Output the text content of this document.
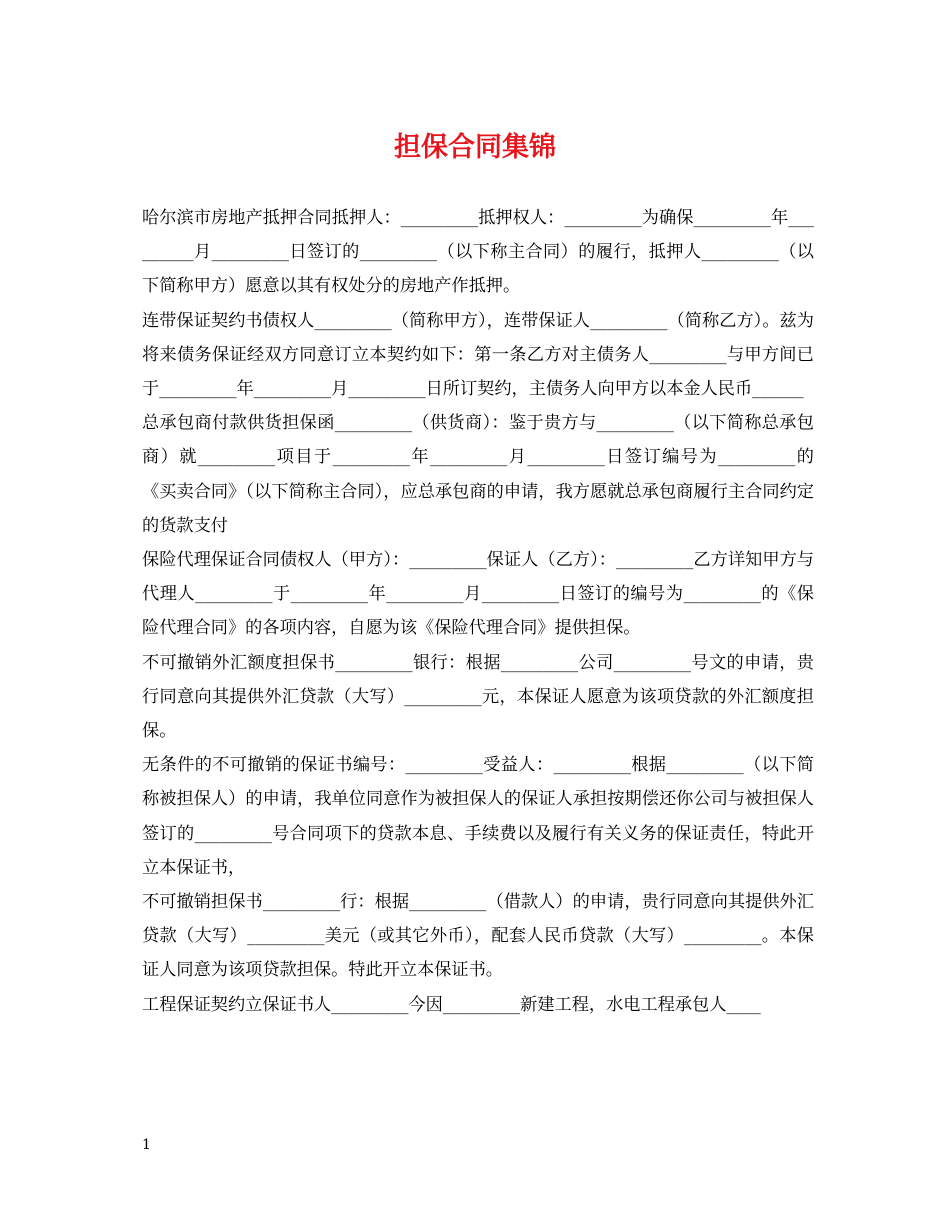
担保合同集锦

哈尔滨市房地产抵押合同抵押人：_________抵押权人：_________为确保_________年_________月_________日签订的_________（以下称主合同）的履行，抵押人_________（以下简称甲方）愿意以其有权处分的房地产作抵押。

连带保证契约书债权人_________（简称甲方），连带保证人_________（简称乙方）。兹为将来债务保证经双方同意订立本契约如下：第一条乙方对主债务人_________与甲方间已于_________年_________月_________日所订契约，主债务人向甲方以本金人民币______

总承包商付款供货担保函_________（供货商）：鉴于贵方与_________（以下简称总承包商）就_________项目于_________年_________月_________日签订编号为_________的《买卖合同》（以下简称主合同），应总承包商的申请，我方愿就总承包商履行主合同约定的货款支付

保险代理保证合同债权人（甲方）：_________保证人（乙方）：_________乙方详知甲方与代理人_________于_________年_________月_________日签订的编号为_________的《保险代理合同》的各项内容，自愿为该《保险代理合同》提供担保。

不可撤销外汇额度担保书_________银行：根据_________公司_________号文的申请，贵行同意向其提供外汇贷款（大写）_________元，本保证人愿意为该项贷款的外汇额度担保。

无条件的不可撤销的保证书编号：_________受益人：_________根据_________（以下简称被担保人）的申请，我单位同意作为被担保人的保证人承担按期偿还你公司与被担保人签订的_________号合同项下的贷款本息、手续费以及履行有关义务的保证责任，特此开立本保证书，

不可撤销担保书_________行：根据_________（借款人）的申请，贵行同意向其提供外汇贷款（大写）_________美元（或其它外币），配套人民币贷款（大写）_________。本保证人同意为该项贷款担保。特此开立本保证书。

工程保证契约立保证书人_________今因_________新建工程，水电工程承包人____

1
